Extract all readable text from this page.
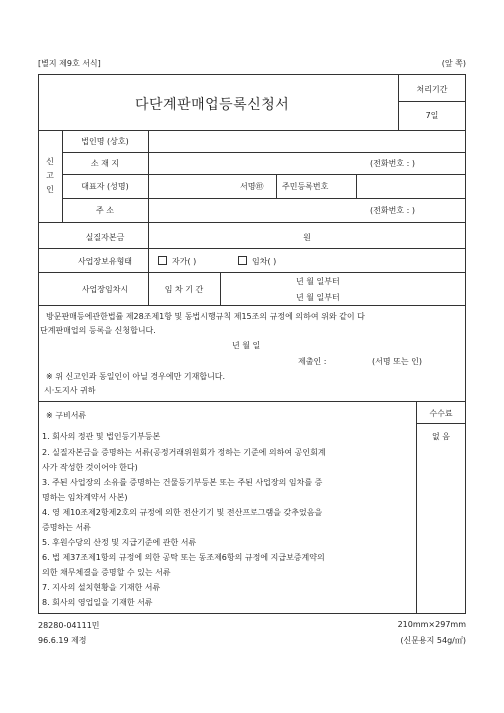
[별지 제9호 서식]	(앞 쪽)
다단계판매업등록신청서
처리기간
7일
신
고
인
법인명 (상호)
소 재 지	(전화번호 : )
대표자 (성명)	서명㊞ 주민등록번호
주 소	(전화번호 : )
실질자본금	원
사업장보유형태	자가( )	임차( )
사업장임차시	임 차 기 간
년 월 일부터
년 월 일부터
방문판매등에관한법률 제28조제1항 및 동법시행규칙 제15조의 규정에 의하여 위와 같이 다
단계판매업의 등록을 신청합니다.
년 월 일
제출인 :	(서명 또는 인)
※ 위 신고인과 동일인이 아닐 경우에만 기재합니다.
시·도지사 귀하
수수료
없 음
※ 구비서류
1. 회사의 정관 및 법인등기부등본
2. 실질자본금을 증명하는 서류(공정거래위원회가 정하는 기준에 의하여 공인회계
사가 작성한 것이어야 한다)
3. 주된 사업장의 소유를 증명하는 건물등기부등본 또는 주된 사업장의 임차를 증
명하는 임차계약서 사본)
4. 영 제10조제2항제2호의 규정에 의한 전산기기 및 전산프로그램을 갖추었음을
증명하는 서류
5. 후원수당의 산정 및 지급기준에 관한 서류
6. 법 제37조제1항의 규정에 의한 공탁 또는 동조제6항의 규정에 지급보증계약의
의한 채무체결을 증명할 수 있는 서류
7. 지사의 설치현황을 기재한 서류
8. 회사의 영업일을 기재한 서류
28280-04111민	210mm×297mm
96.6.19 제정	(신문용지 54g/㎡)
